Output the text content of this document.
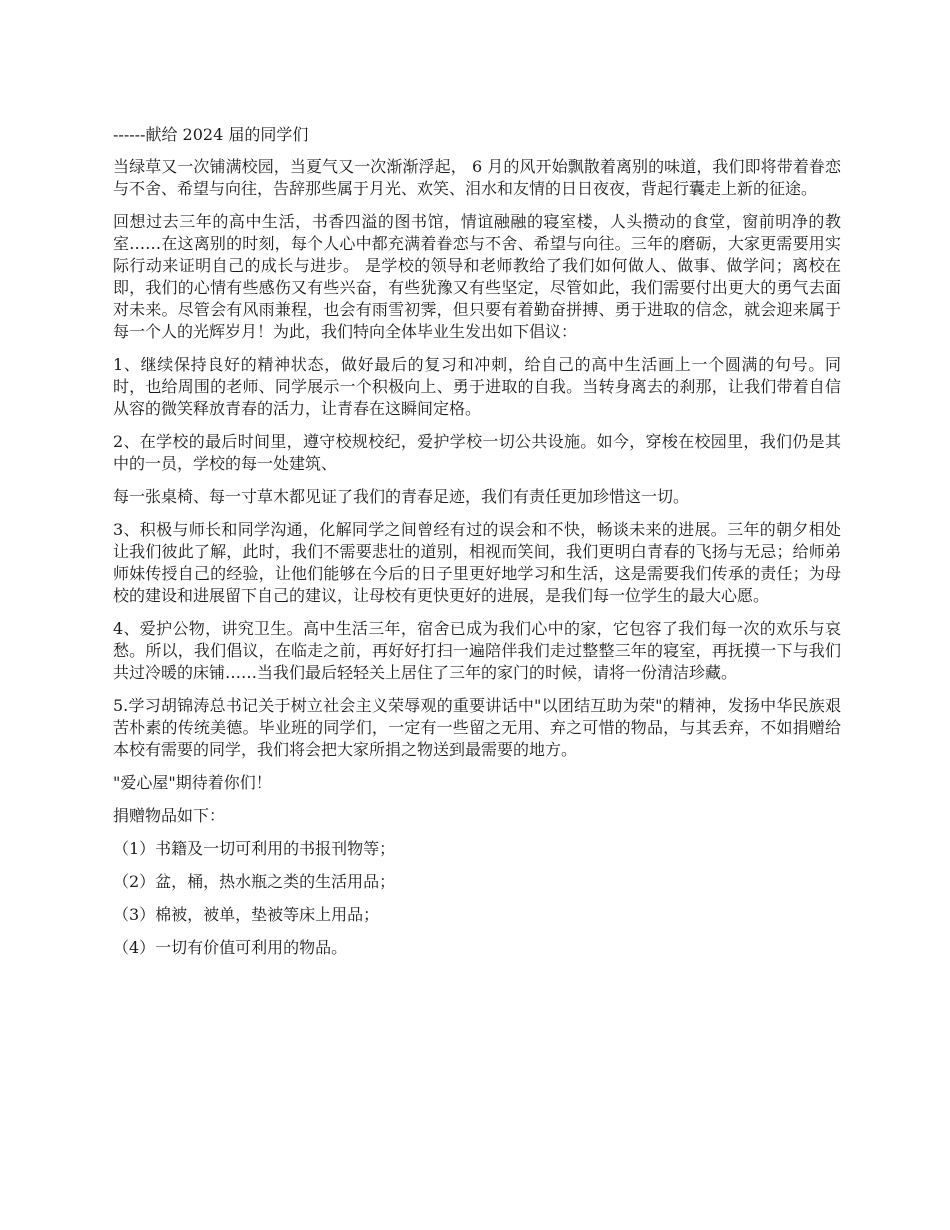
------献给 2024 届的同学们

当绿草又一次铺满校园，当夏气又一次渐渐浮起， 6 月的风开始飘散着离别的味道，我们即将带着眷恋与不舍、希望与向往，告辞那些属于月光、欢笑、泪水和友情的日日夜夜，背起行囊走上新的征途。

回想过去三年的高中生活，书香四溢的图书馆，情谊融融的寝室楼，人头攒动的食堂，窗前明净的教室……在这离别的时刻，每个人心中都充满着眷恋与不舍、希望与向往。三年的磨砺，大家更需要用实际行动来证明自己的成长与进步。 是学校的领导和老师教给了我们如何做人、做事、做学问；离校在即，我们的心情有些感伤又有些兴奋，有些犹豫又有些坚定，尽管如此，我们需要付出更大的勇气去面对未来。尽管会有风雨兼程，也会有雨雪初霁，但只要有着勤奋拼搏、勇于进取的信念，就会迎来属于每一个人的光辉岁月！为此，我们特向全体毕业生发出如下倡议：

1、继续保持良好的精神状态，做好最后的复习和冲刺，给自己的高中生活画上一个圆满的句号。同时，也给周围的老师、同学展示一个积极向上、勇于进取的自我。当转身离去的刹那，让我们带着自信从容的微笑释放青春的活力，让青春在这瞬间定格。

2、在学校的最后时间里，遵守校规校纪，爱护学校一切公共设施。如今，穿梭在校园里，我们仍是其中的一员，学校的每一处建筑、

每一张桌椅、每一寸草木都见证了我们的青春足迹，我们有责任更加珍惜这一切。

3、积极与师长和同学沟通，化解同学之间曾经有过的误会和不快，畅谈未来的进展。三年的朝夕相处让我们彼此了解，此时，我们不需要悲壮的道别，相视而笑间，我们更明白青春的飞扬与无忌；给师弟师妹传授自己的经验，让他们能够在今后的日子里更好地学习和生活，这是需要我们传承的责任；为母校的建设和进展留下自己的建议，让母校有更快更好的进展，是我们每一位学生的最大心愿。

4、爱护公物，讲究卫生。高中生活三年，宿舍已成为我们心中的家，它包容了我们每一次的欢乐与哀愁。所以，我们倡议，在临走之前，再好好打扫一遍陪伴我们走过整整三年的寝室，再抚摸一下与我们共过冷暖的床铺……当我们最后轻轻关上居住了三年的家门的时候，请将一份清洁珍藏。

5.学习胡锦涛总书记关于树立社会主义荣辱观的重要讲话中"以团结互助为荣"的精神，发扬中华民族艰苦朴素的传统美德。毕业班的同学们，一定有一些留之无用、弃之可惜的物品，与其丢弃，不如捐赠给本校有需要的同学，我们将会把大家所捐之物送到最需要的地方。

"爱心屋"期待着你们！

捐赠物品如下：

（1）书籍及一切可利用的书报刊物等；

（2）盆，桶，热水瓶之类的生活用品；

（3）棉被，被单，垫被等床上用品；

（4）一切有价值可利用的物品。
